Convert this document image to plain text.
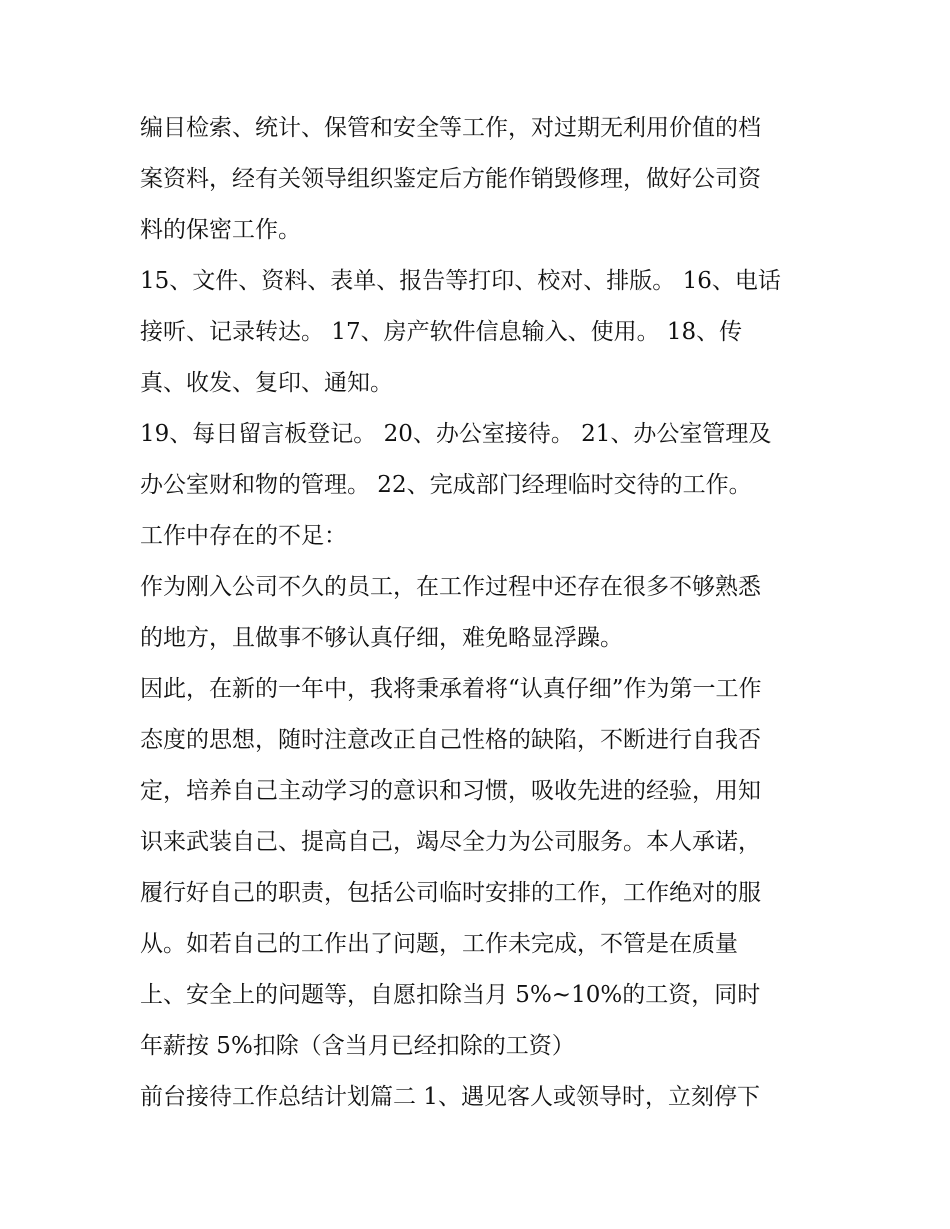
编目检索、统计、保管和安全等工作，对过期无利用价值的档
案资料，经有关领导组织鉴定后方能作销毁修理，做好公司资
料的保密工作。
15、文件、资料、表单、报告等打印、校对、排版。 16、电话
接听、记录转达。 17、房产软件信息输入、使用。 18、传
真、收发、复印、通知。
19、每日留言板登记。 20、办公室接待。 21、办公室管理及
办公室财和物的管理。 22、完成部门经理临时交待的工作。
工作中存在的不足：
作为刚入公司不久的员工，在工作过程中还存在很多不够熟悉
的地方，且做事不够认真仔细，难免略显浮躁。
因此，在新的一年中，我将秉承着将“认真仔细”作为第一工作
态度的思想，随时注意改正自己性格的缺陷，不断进行自我否
定，培养自己主动学习的意识和习惯，吸收先进的经验，用知
识来武装自己、提高自己，竭尽全力为公司服务。本人承诺，
履行好自己的职责，包括公司临时安排的工作，工作绝对的服
从。如若自己的工作出了问题，工作未完成，不管是在质量
上、安全上的问题等，自愿扣除当月 5%~10%的工资，同时
年薪按 5%扣除（含当月已经扣除的工资）
前台接待工作总结计划篇二 1、遇见客人或领导时，立刻停下
